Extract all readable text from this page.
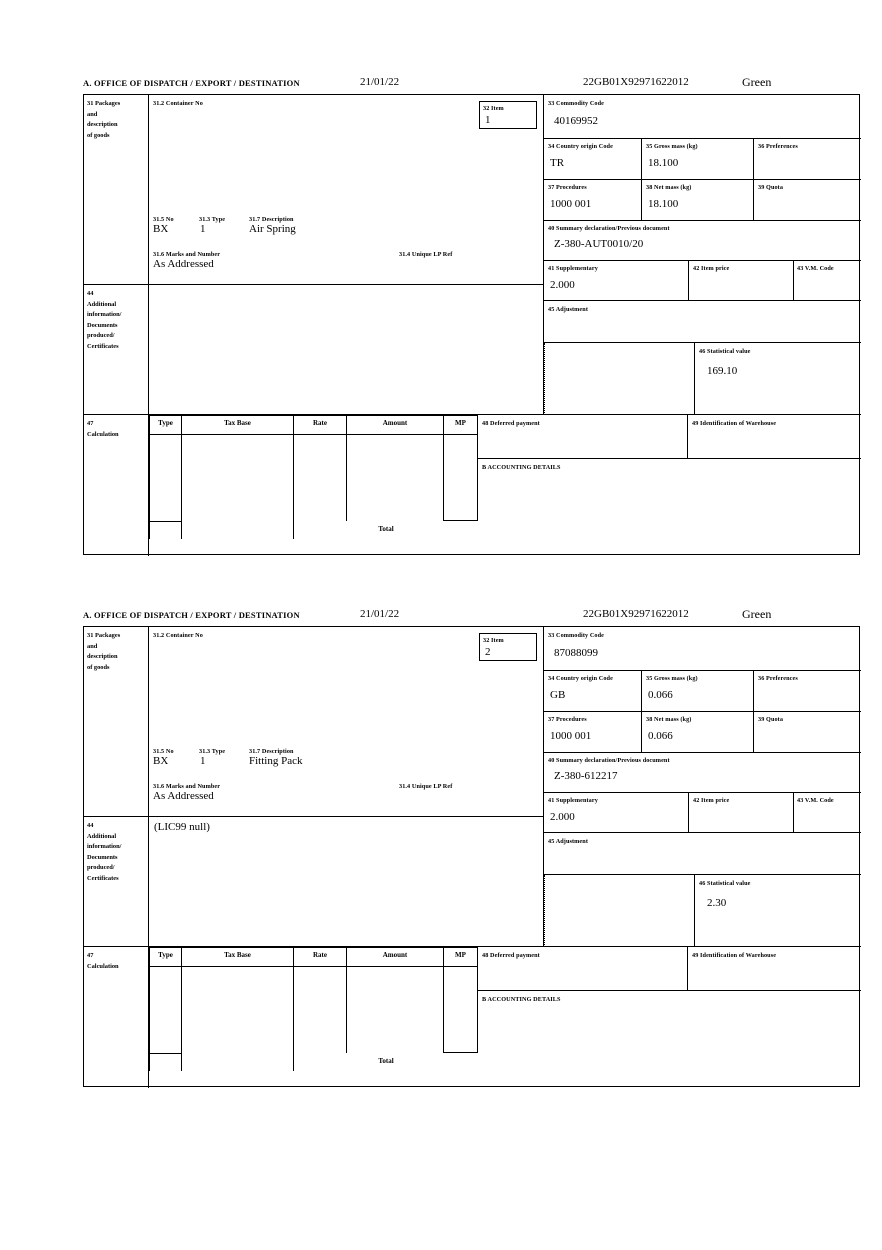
A. OFFICE OF DISPATCH / EXPORT / DESTINATION	21/01/22	22GB01X92971622012	Green
31 Packages
and
description
of goods
31.2 Container No
31.5 No	31.3 Type	31.7 Description
BX	1	Air Spring
31.6 Marks and Number	31.4 Unique LP Ref
As Addressed
32 Item
1
33 Commodity Code
40169952
34 Country origin Code
TR
35 Gross mass (kg)
18.100
36 Preferences
37 Procedures
1000 001
38 Net mass (kg)
18.100
39 Quota
40 Summary declaration/Previous document
Z-380-AUT0010/20
41 Supplementary
2.000
42 Item price	43 V.M. Code
44
Additional
information/
Documents
produced/
Certificates
45 Adjustment
46 Statistical value
169.10
47
Calculation
Type	Tax Base	Rate	Amount	MP
Total
48 Deferred payment	49 Identification of Warehouse
B ACCOUNTING DETAILS
A. OFFICE OF DISPATCH / EXPORT / DESTINATION	21/01/22	22GB01X92971622012	Green
31 Packages
and
description
of goods
31.2 Container No
31.5 No	31.3 Type	31.7 Description
BX	1	Fitting Pack
31.6 Marks and Number	31.4 Unique LP Ref
As Addressed
32 Item
2
33 Commodity Code
87088099
34 Country origin Code
GB
35 Gross mass (kg)
0.066
36 Preferences
37 Procedures
1000 001
38 Net mass (kg)
0.066
39 Quota
40 Summary declaration/Previous document
Z-380-612217
41 Supplementary
2.000
42 Item price	43 V.M. Code
44
Additional
information/
Documents
produced/
Certificates
(LIC99 null)
45 Adjustment
46 Statistical value
2.30
47
Calculation
Type	Tax Base	Rate	Amount	MP
Total
48 Deferred payment	49 Identification of Warehouse
B ACCOUNTING DETAILS
